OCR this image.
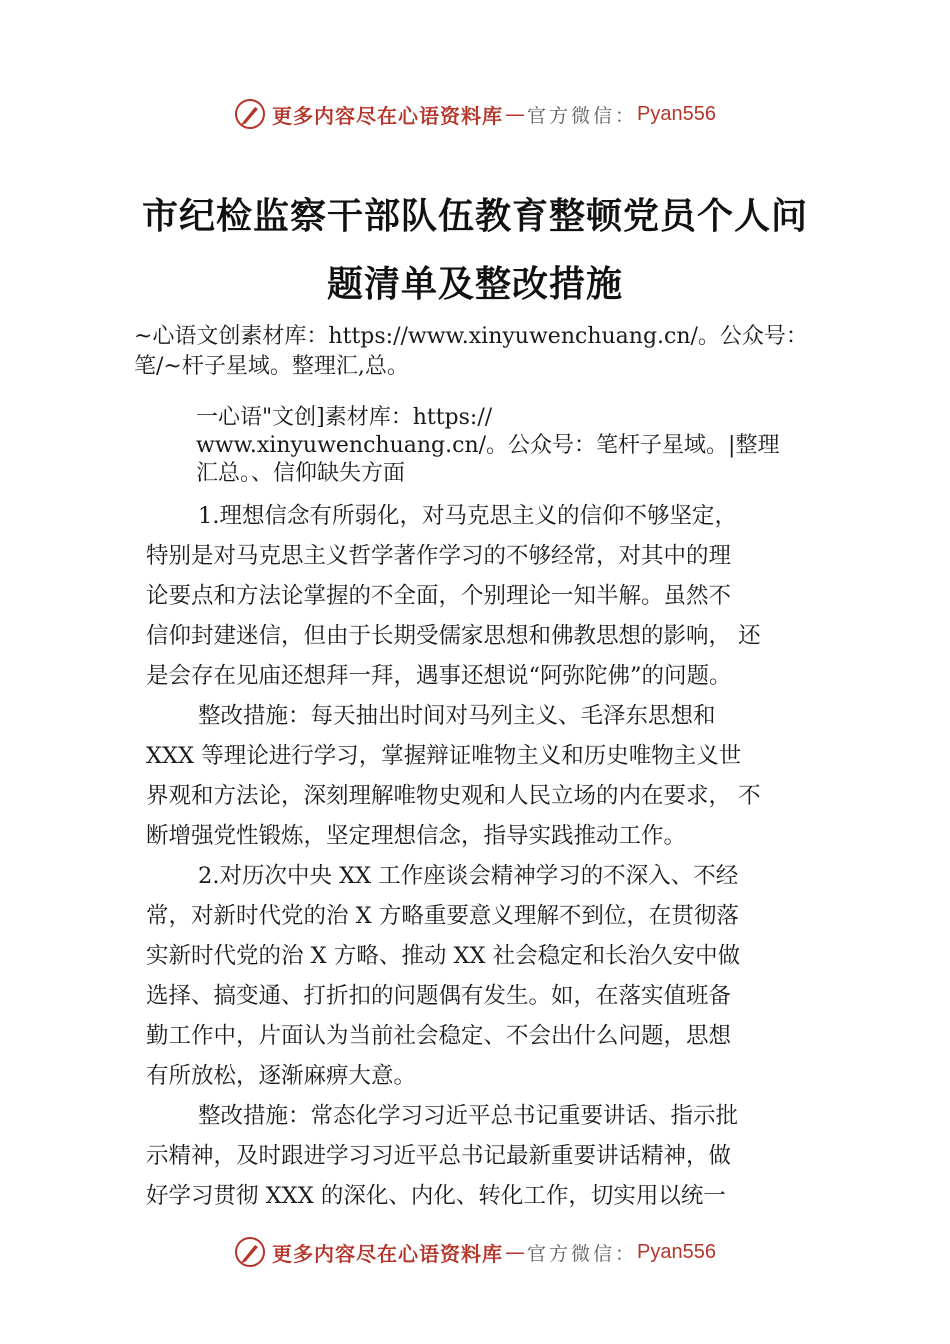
更多内容尽在心语资料库 — 官方微信： Pyan556
市纪检监察干部队伍教育整顿党员个人问
题清单及整改措施
~心语文创素材库：https://www.xinyuwenchuang.cn/。公众号：
笔/~杆子星域。整理汇,总。
一心语"文创]素材库：https://
www.xinyuwenchuang.cn/。公众号：笔杆子星域。|整理
汇总。、信仰缺失方面
1.理想信念有所弱化，对马克思主义的信仰不够坚定，
特别是对马克思主义哲学著作学习的不够经常，对其中的理
论要点和方法论掌握的不全面，个别理论一知半解。虽然不
信仰封建迷信，但由于长期受儒家思想和佛教思想的影响， 还
是会存在见庙还想拜一拜，遇事还想说“阿弥陀佛”的问题。
整改措施：每天抽出时间对马列主义、毛泽东思想和
XXX 等理论进行学习，掌握辩证唯物主义和历史唯物主义世
界观和方法论，深刻理解唯物史观和人民立场的内在要求， 不
断增强党性锻炼，坚定理想信念，指导实践推动工作。
2.对历次中央 XX 工作座谈会精神学习的不深入、不经
常，对新时代党的治 X 方略重要意义理解不到位，在贯彻落
实新时代党的治 X 方略、推动 XX 社会稳定和长治久安中做
选择、搞变通、打折扣的问题偶有发生。如，在落实值班备
勤工作中，片面认为当前社会稳定、不会出什么问题，思想
有所放松，逐渐麻痹大意。
整改措施：常态化学习习近平总书记重要讲话、指示批
示精神，及时跟进学习习近平总书记最新重要讲话精神，做
好学习贯彻 XXX 的深化、内化、转化工作，切实用以统一
更多内容尽在心语资料库 — 官方微信： Pyan556
